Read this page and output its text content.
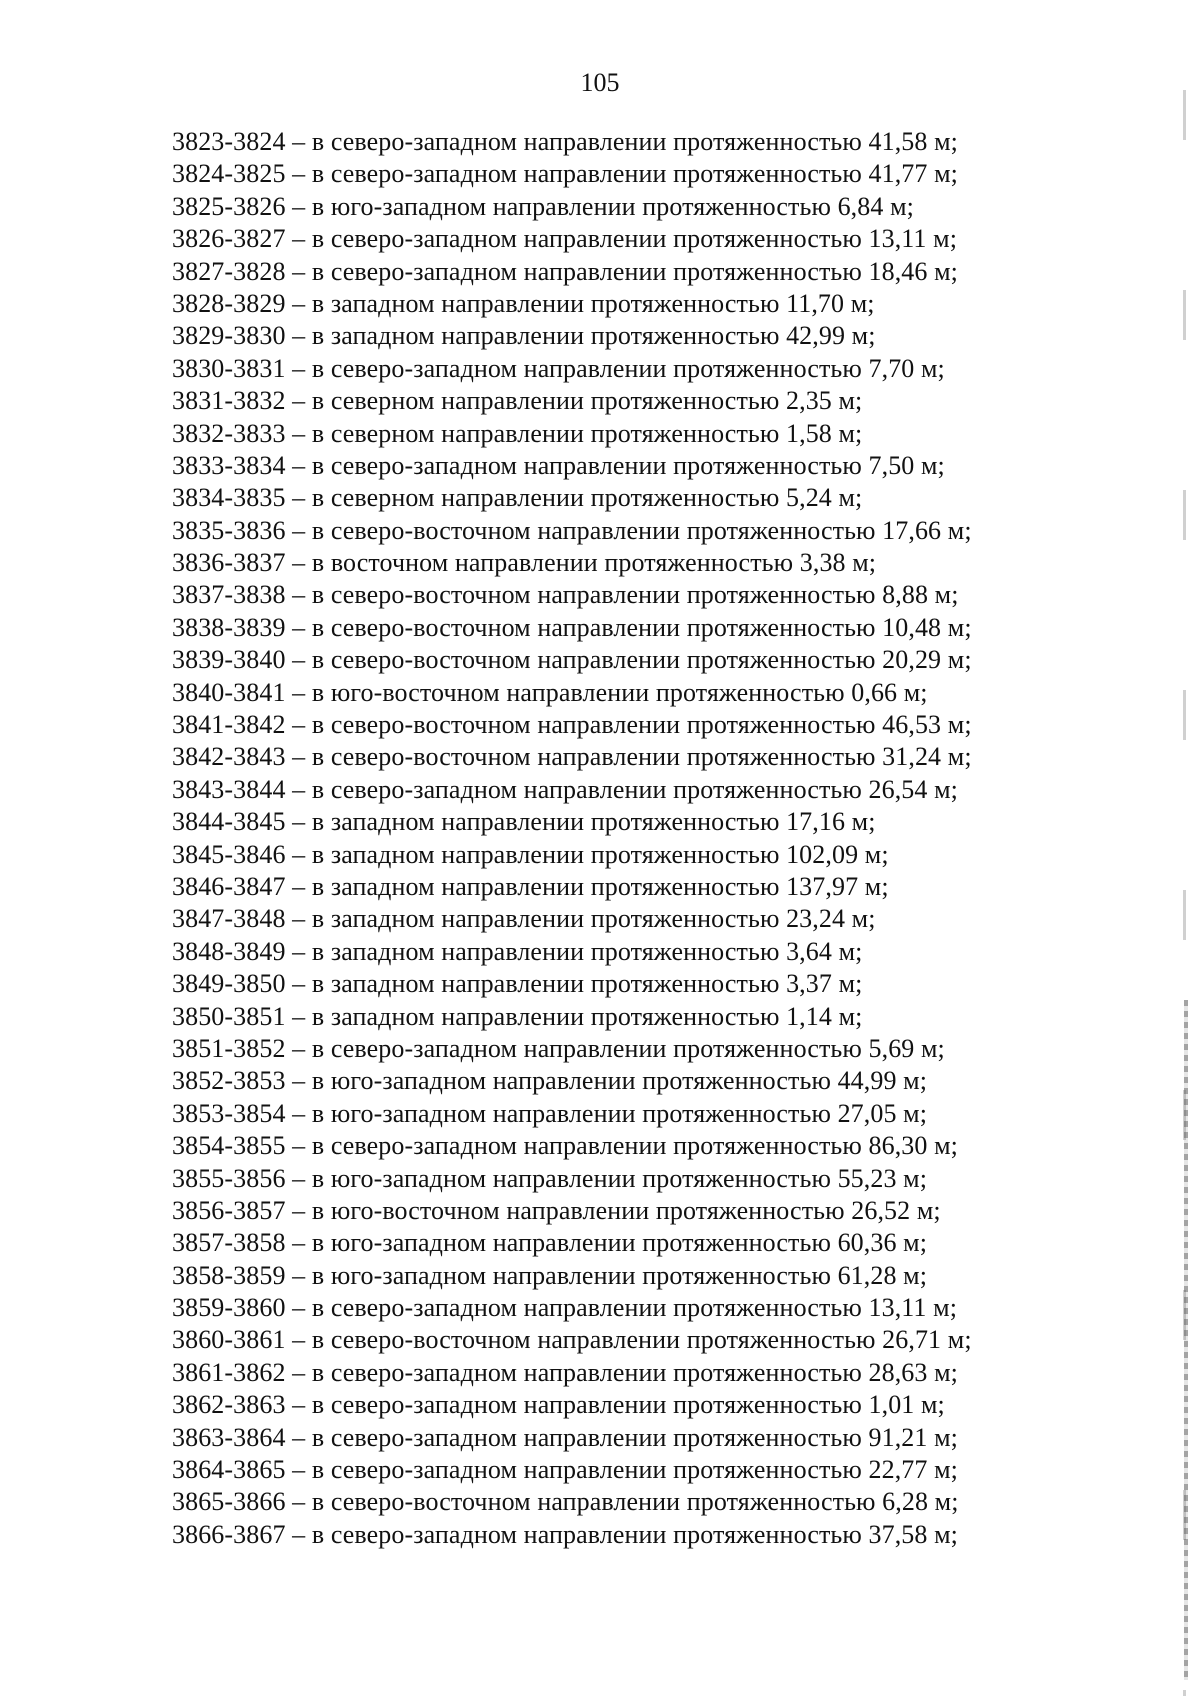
105
3823-3824 – в северо-западном направлении протяженностью 41,58 м;
3824-3825 – в северо-западном направлении протяженностью 41,77 м;
3825-3826 – в юго-западном направлении протяженностью 6,84 м;
3826-3827 – в северо-западном направлении протяженностью 13,11 м;
3827-3828 – в северо-западном направлении протяженностью 18,46 м;
3828-3829 – в западном направлении протяженностью 11,70 м;
3829-3830 – в западном направлении протяженностью 42,99 м;
3830-3831 – в северо-западном направлении протяженностью 7,70 м;
3831-3832 – в северном направлении протяженностью 2,35 м;
3832-3833 – в северном направлении протяженностью 1,58 м;
3833-3834 – в северо-западном направлении протяженностью 7,50 м;
3834-3835 – в северном направлении протяженностью 5,24 м;
3835-3836 – в северо-восточном направлении протяженностью 17,66 м;
3836-3837 – в восточном направлении протяженностью 3,38 м;
3837-3838 – в северо-восточном направлении протяженностью 8,88 м;
3838-3839 – в северо-восточном направлении протяженностью 10,48 м;
3839-3840 – в северо-восточном направлении протяженностью 20,29 м;
3840-3841 – в юго-восточном направлении протяженностью 0,66 м;
3841-3842 – в северо-восточном направлении протяженностью 46,53 м;
3842-3843 – в северо-восточном направлении протяженностью 31,24 м;
3843-3844 – в северо-западном направлении протяженностью 26,54 м;
3844-3845 – в западном направлении протяженностью 17,16 м;
3845-3846 – в западном направлении протяженностью 102,09 м;
3846-3847 – в западном направлении протяженностью 137,97 м;
3847-3848 – в западном направлении протяженностью 23,24 м;
3848-3849 – в западном направлении протяженностью 3,64 м;
3849-3850 – в западном направлении протяженностью 3,37 м;
3850-3851 – в западном направлении протяженностью 1,14 м;
3851-3852 – в северо-западном направлении протяженностью 5,69 м;
3852-3853 – в юго-западном направлении протяженностью 44,99 м;
3853-3854 – в юго-западном направлении протяженностью 27,05 м;
3854-3855 – в северо-западном направлении протяженностью 86,30 м;
3855-3856 – в юго-западном направлении протяженностью 55,23 м;
3856-3857 – в юго-восточном направлении протяженностью 26,52 м;
3857-3858 – в юго-западном направлении протяженностью 60,36 м;
3858-3859 – в юго-западном направлении протяженностью 61,28 м;
3859-3860 – в северо-западном направлении протяженностью 13,11 м;
3860-3861 – в северо-восточном направлении протяженностью 26,71 м;
3861-3862 – в северо-западном направлении протяженностью 28,63 м;
3862-3863 – в северо-западном направлении протяженностью 1,01 м;
3863-3864 – в северо-западном направлении протяженностью 91,21 м;
3864-3865 – в северо-западном направлении протяженностью 22,77 м;
3865-3866 – в северо-восточном направлении протяженностью 6,28 м;
3866-3867 – в северо-западном направлении протяженностью 37,58 м;
